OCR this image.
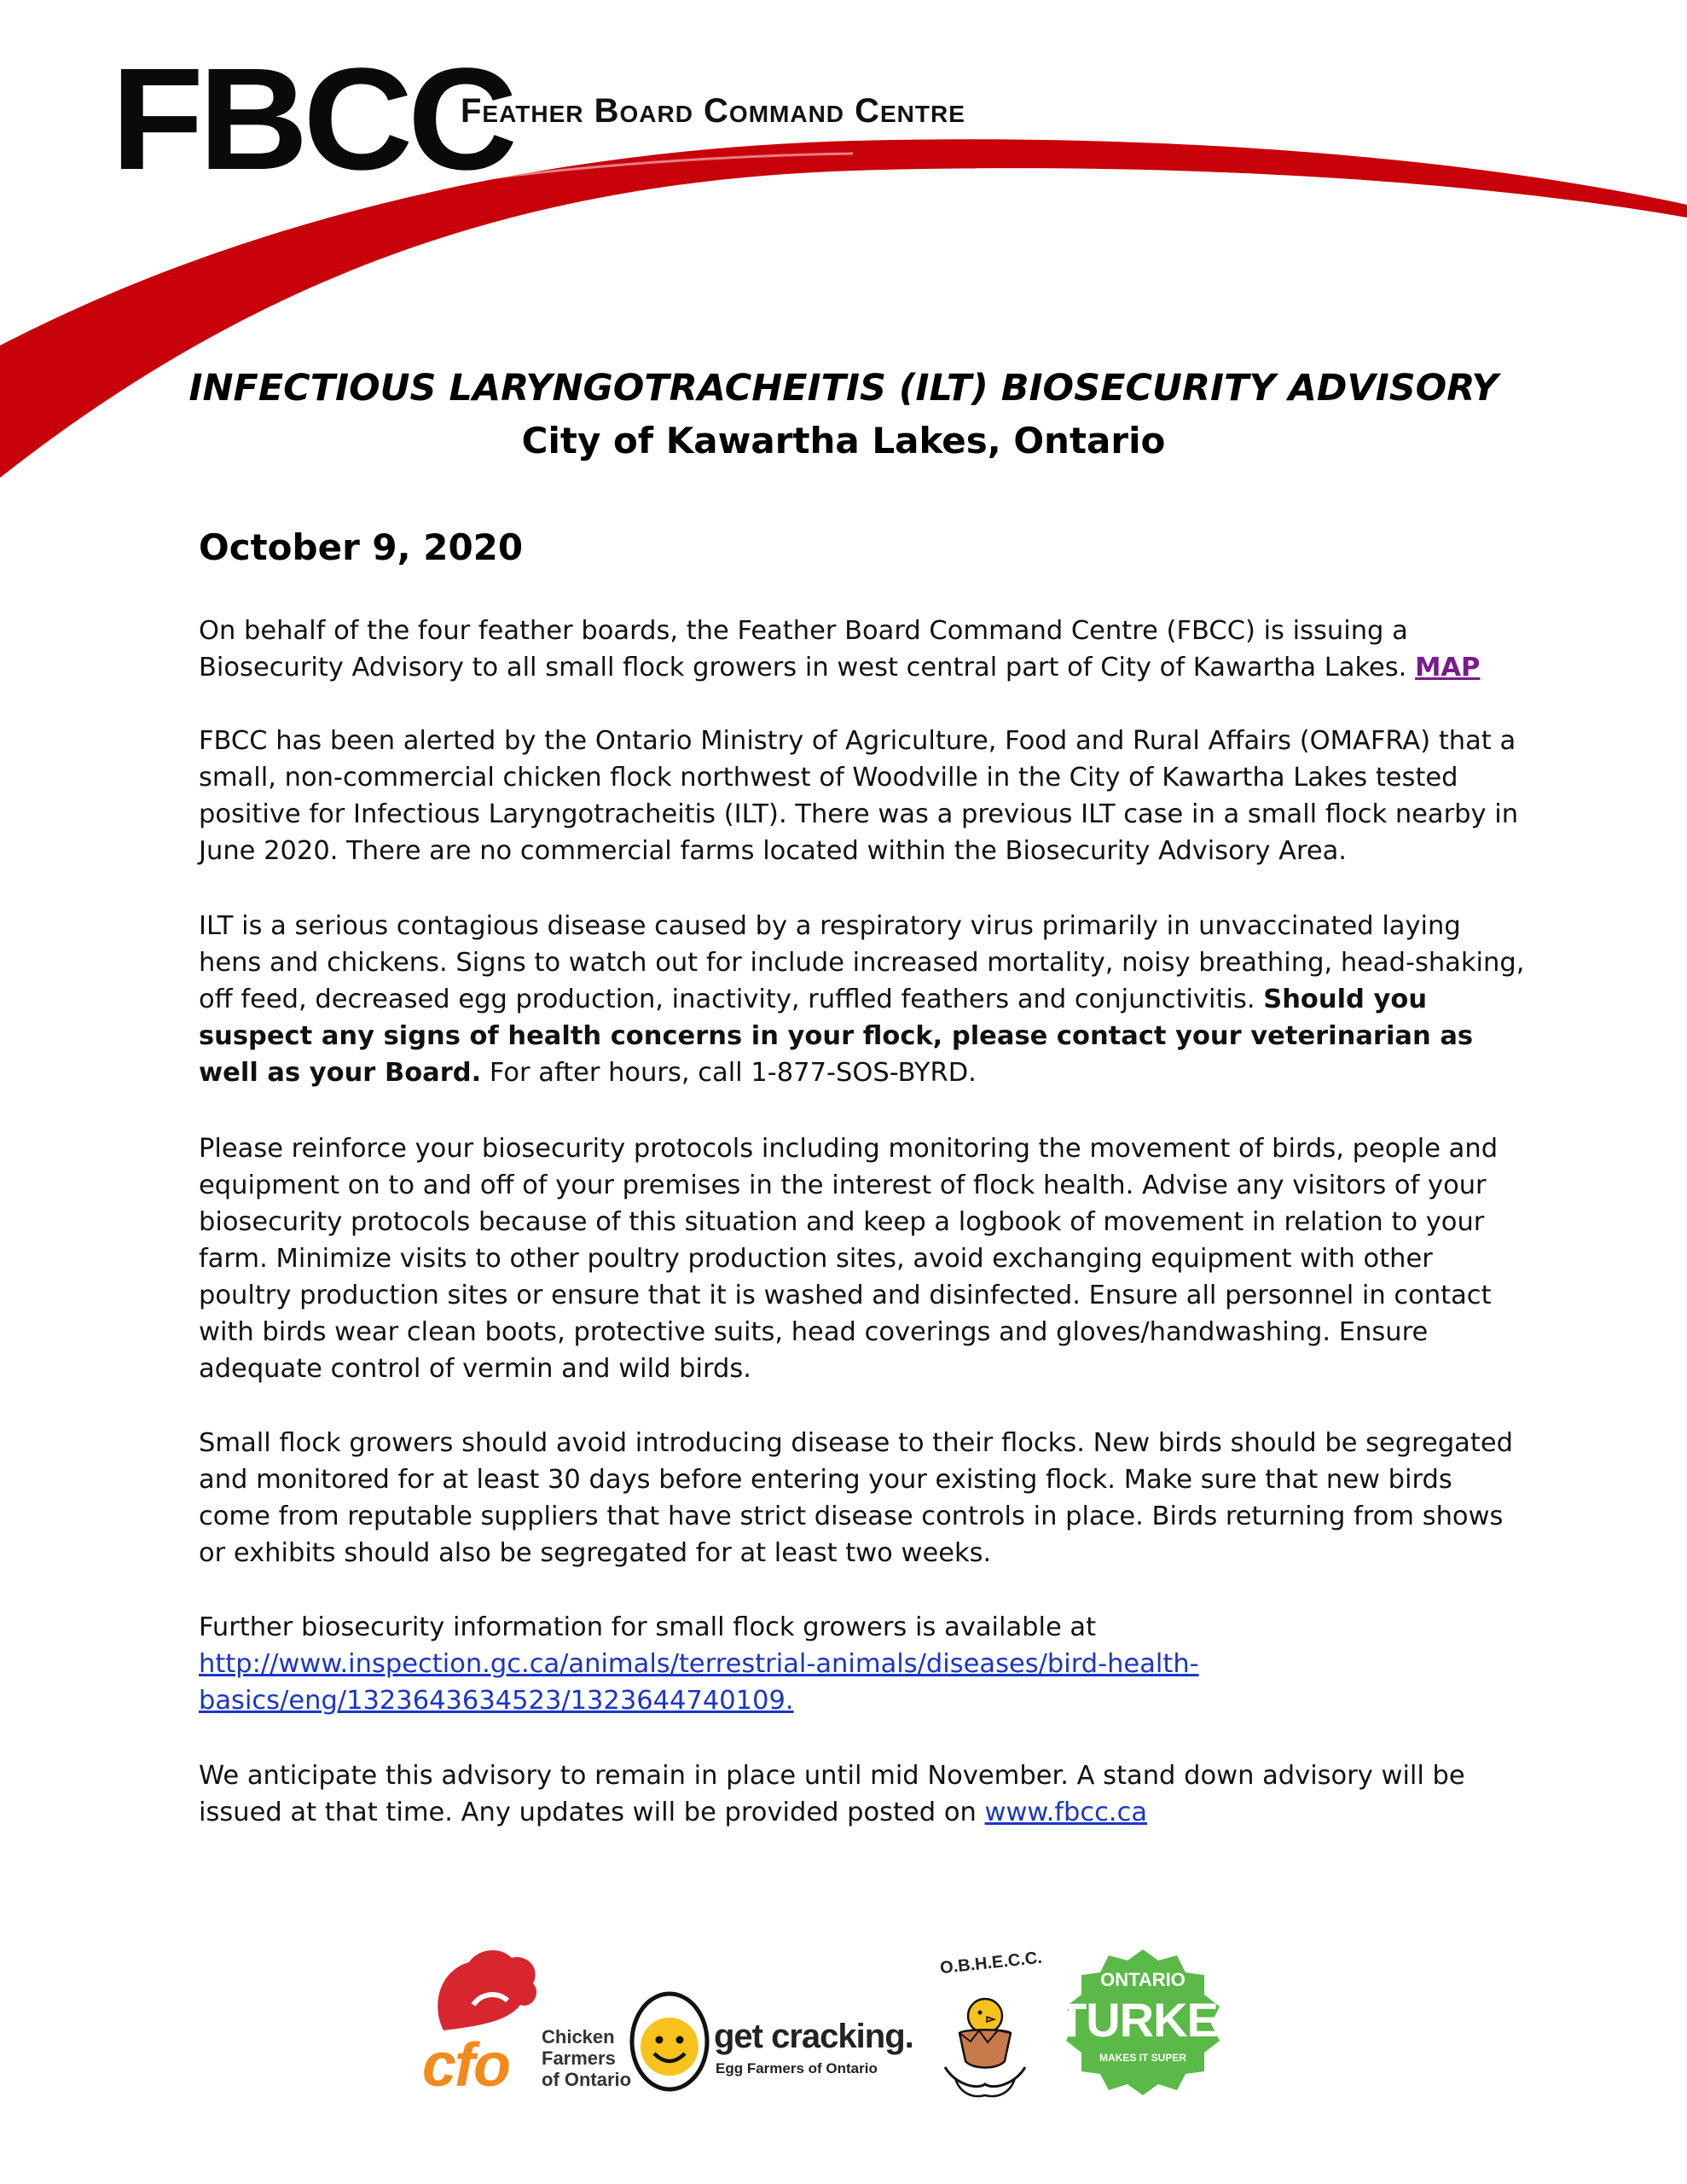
FBCC
Feather Board Command Centre
INFECTIOUS LARYNGOTRACHEITIS (ILT) BIOSECURITY ADVISORY
City of Kawartha Lakes, Ontario
October 9, 2020

On behalf of the four feather boards, the Feather Board Command Centre (FBCC) is issuing a Biosecurity Advisory to all small flock growers in west central part of City of Kawartha Lakes. MAP

FBCC has been alerted by the Ontario Ministry of Agriculture, Food and Rural Affairs (OMAFRA) that a small, non-commercial chicken flock northwest of Woodville in the City of Kawartha Lakes tested positive for Infectious Laryngotracheitis (ILT). There was a previous ILT case in a small flock nearby in June 2020. There are no commercial farms located within the Biosecurity Advisory Area.

ILT is a serious contagious disease caused by a respiratory virus primarily in unvaccinated laying hens and chickens. Signs to watch out for include increased mortality, noisy breathing, head-shaking, off feed, decreased egg production, inactivity, ruffled feathers and conjunctivitis. Should you suspect any signs of health concerns in your flock, please contact your veterinarian as well as your Board. For after hours, call 1-877-SOS-BYRD.

Please reinforce your biosecurity protocols including monitoring the movement of birds, people and equipment on to and off of your premises in the interest of flock health. Advise any visitors of your biosecurity protocols because of this situation and keep a logbook of movement in relation to your farm. Minimize visits to other poultry production sites, avoid exchanging equipment with other poultry production sites or ensure that it is washed and disinfected. Ensure all personnel in contact with birds wear clean boots, protective suits, head coverings and gloves/handwashing. Ensure adequate control of vermin and wild birds.

Small flock growers should avoid introducing disease to their flocks. New birds should be segregated and monitored for at least 30 days before entering your existing flock. Make sure that new birds come from reputable suppliers that have strict disease controls in place. Birds returning from shows or exhibits should also be segregated for at least two weeks.

Further biosecurity information for small flock growers is available at

http://www.inspection.gc.ca/animals/terrestrial-animals/diseases/bird-health-basics/eng/1323643634523/1323644740109.

We anticipate this advisory to remain in place until mid November. A stand down advisory will be issued at that time. Any updates will be provided posted on www.fbcc.ca

cfo Chicken
Farmers
of Ontario
get cracking.
Egg Farmers of Ontario
O.B.H.E.C.C.
ONTARIO
TURKEY
MAKES IT SUPER
